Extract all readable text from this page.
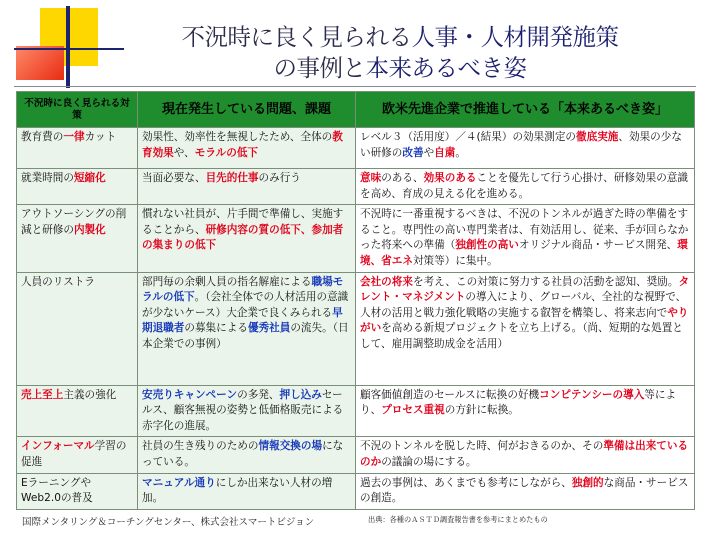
不況時に良く見られる人事・人材開発施策
の事例と本来あるべき姿
不況時に良く見られる対策	現在発生している問題、課題	欧米先進企業で推進している「本来あるべき姿」
教育費の一律カット	効果性、効率性を無視したため、全体の教育効果や、モラルの低下	レベル３（活用度）／４(結果）の効果測定の徹底実施、効果の少ない研修の改善や自粛。
就業時間の短縮化	当面必要な、目先的仕事のみ行う	意味のある、効果のあることを優先して行う心掛け、研修効果の意識を高め、育成の見える化を進める。
アウトソーシングの削減と研修の内製化	慣れない社員が、片手間で準備し、実施することから、研修内容の質の低下、参加者の集まりの低下	不況時に一番重視するべきは、不況のトンネルが過ぎた時の準備をすること。専門性の高い専門業者は、有効活用し、従来、手が回らなかった将来への準備（独創性の高いオリジナル商品・サービス開発、環境、省エネ対策等）に集中。
人員のリストラ	部門毎の余剰人員の指名解雇による職場モラルの低下。（会社全体での人材活用の意識が少ないケース）大企業で良くみられる早期退職者の募集による優秀社員の流失。（日本企業での事例）	会社の将来を考え、この対策に努力する社員の活動を認知、奨励。タレント・マネジメントの導入により、グローバル、全社的な視野で、人材の活用と戦力強化戦略の実施する叡智を構築し、将来志向でやりがいを高める新規プロジェクトを立ち上げる。（尚、短期的な処置として、雇用調整助成金を活用）
売上至上主義の強化	安売りキャンペーンの多発、押し込みセールス、顧客無視の姿勢と低価格販売による赤字化の進展。	顧客価値創造のセールスに転換の好機コンピテンシーの導入等により、プロセス重視の方針に転換。
インフォーマル学習の促進	社員の生き残りのための情報交換の場になっている。	不況のトンネルを脱した時、何がおきるのか、その準備は出来ているのかの議論の場にする。
Eラーニングや Web2.0の普及	マニュアル通りにしか出来ない人材の増加。	過去の事例は、あくまでも参考にしながら、独創的な商品・サービスの創造。
国際メンタリング＆コーチングセンター、株式会社スマートビジョン	出典：各種のＡＳＴＤ調査報告書を参考にまとめたもの
